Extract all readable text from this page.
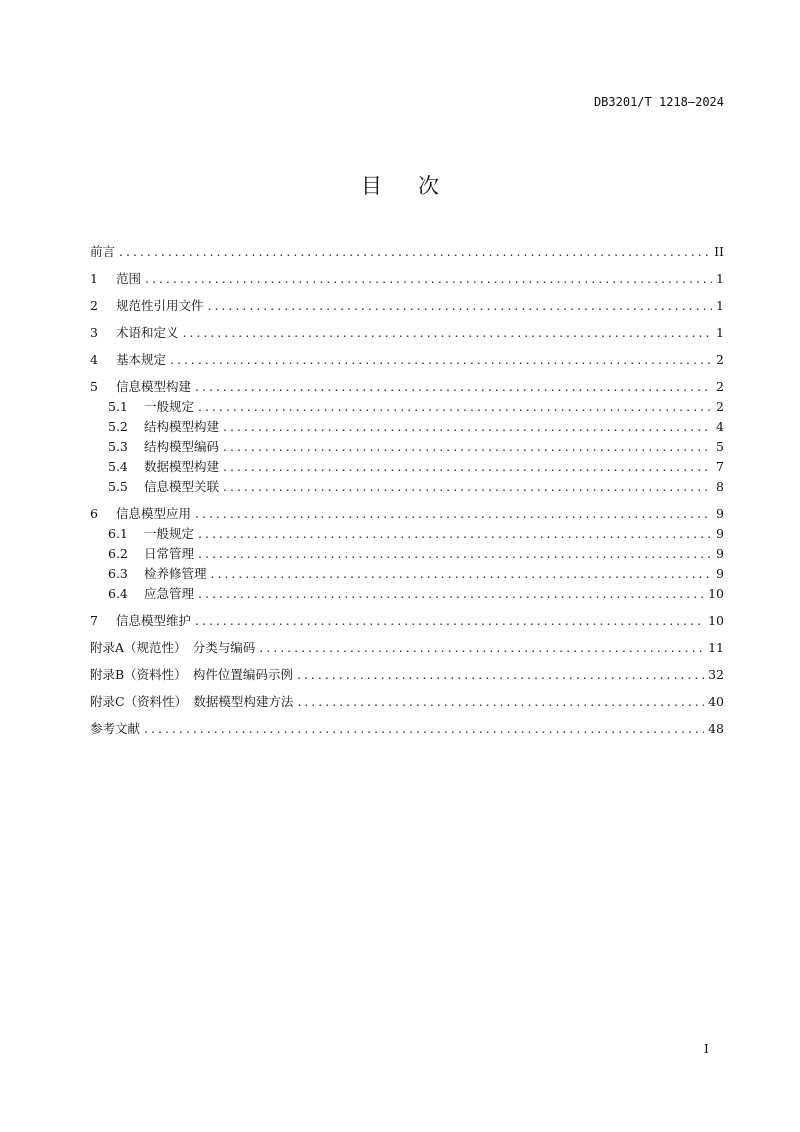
DB3201/T 1218—2024
目次
前言 .....	II
1	范围 .....	1
2	规范性引用文件 .....	1
3	术语和定义 .....	1
4	基本规定 .....	2
5	信息模型构建 .....	2
5.1	一般规定 .....	2
5.2	结构模型构建 .....	4
5.3	结构模型编码 .....	5
5.4	数据模型构建 .....	7
5.5	信息模型关联 .....	8
6	信息模型应用 .....	9
6.1	一般规定 .....	9
6.2	日常管理 .....	9
6.3	检养修管理 .....	9
6.4	应急管理 .....	10
7	信息模型维护 .....	10
附录A（规范性）　分类与编码 .....	11
附录B（资料性）　构件位置编码示例 .....	32
附录C（资料性）　数据模型构建方法 .....	40
参考文献 .....	48
I
